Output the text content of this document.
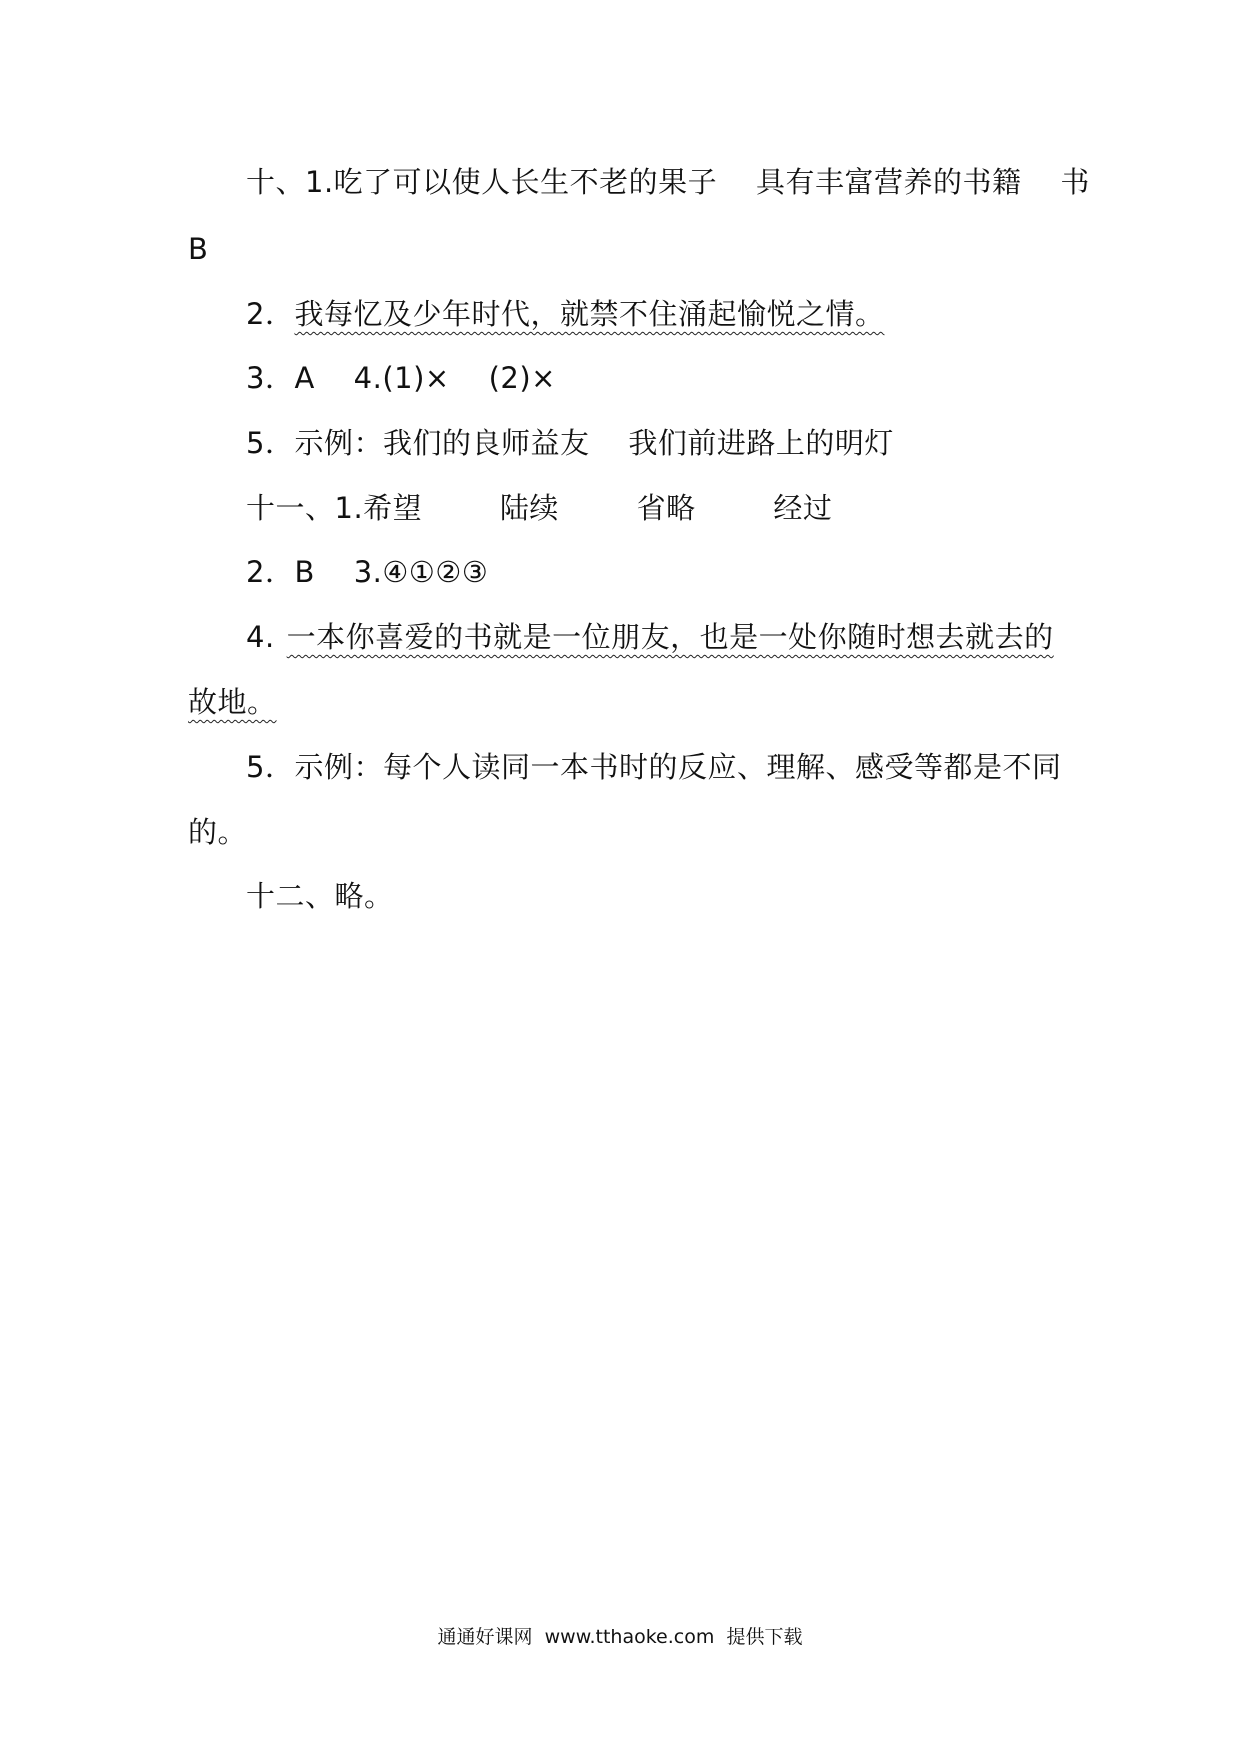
十、1.吃了可以使人长生不老的果子    具有丰富营养的书籍    书
B
2．我每忆及少年时代，就禁不住涌起愉悦之情。
3．A    4.(1)×    (2)×
5．示例：我们的良师益友    我们前进路上的明灯
十一、1.希望        陆续        省略        经过
2．B    3.④①②③
4. 一本你喜爱的书就是一位朋友，也是一处你随时想去就去的
故地。
5．示例：每个人读同一本书时的反应、理解、感受等都是不同
的。
十二、略。
通通好课网  www.tthaoke.com  提供下载
